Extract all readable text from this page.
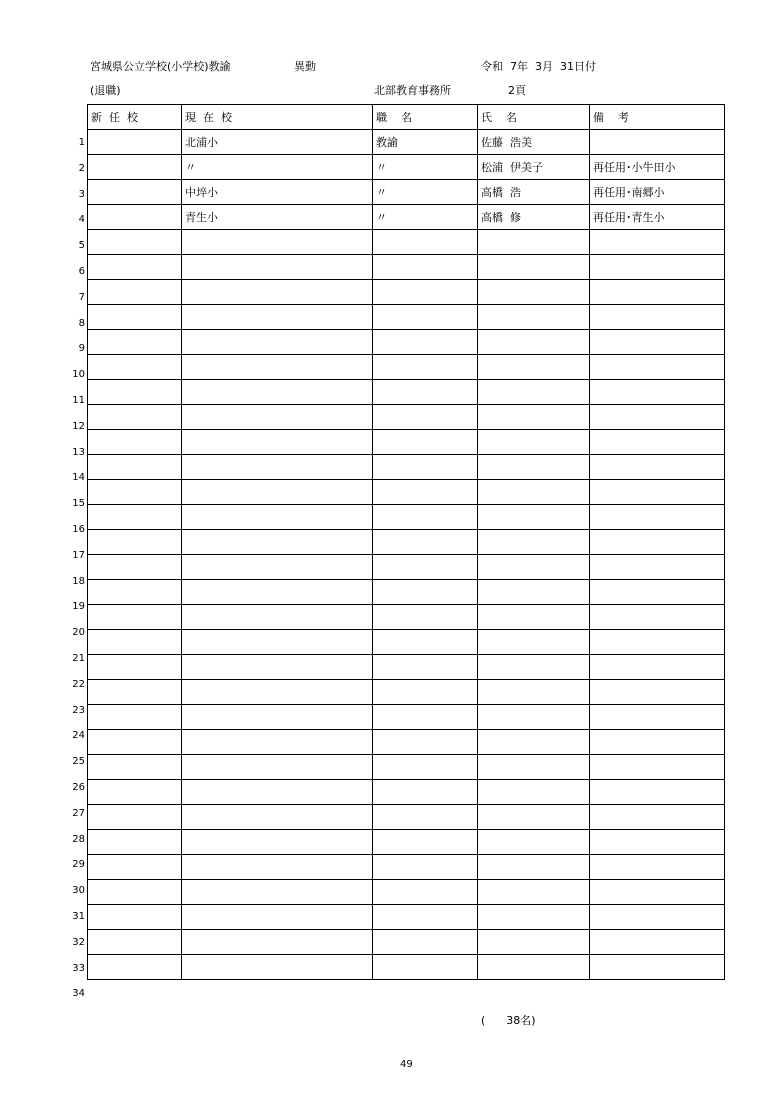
宮城県公立学校(小学校)教諭	異動	令和  7年  3月  31日付
(退職)	北部教育事務所	2頁
1
2
3
4
5
6
7
8
9
10
11
12
13
14
15
16
17
18
19
20
21
22
23
24
25
26
27
28
29
30
31
32
33
34
新  任  校	現  在  校	職    名	氏    名	備    考
	北浦小	教諭	佐藤  浩美	
	〃	〃	松浦  伊美子	再任用･小牛田小
	中埣小	〃	高橋  浩	再任用･南郷小
	青生小	〃	高橋  修	再任用･青生小

(      38名)
49
